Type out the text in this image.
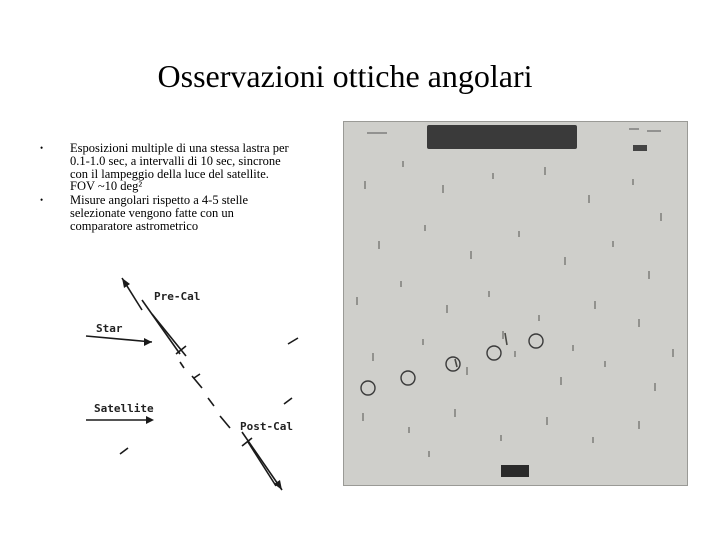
Osservazioni ottiche angolari
• Esposizioni multiple di una stessa lastra per
0.1-1.0 sec, a intervalli di 10 sec, sincrone
con il lampeggio della luce del satellite.
FOV ~10 deg²
• Misure angolari rispetto a 4-5 stelle
selezionate vengono fatte con un
comparatore astrometrico
Pre-Cal
Star
Satellite
Post-Cal
